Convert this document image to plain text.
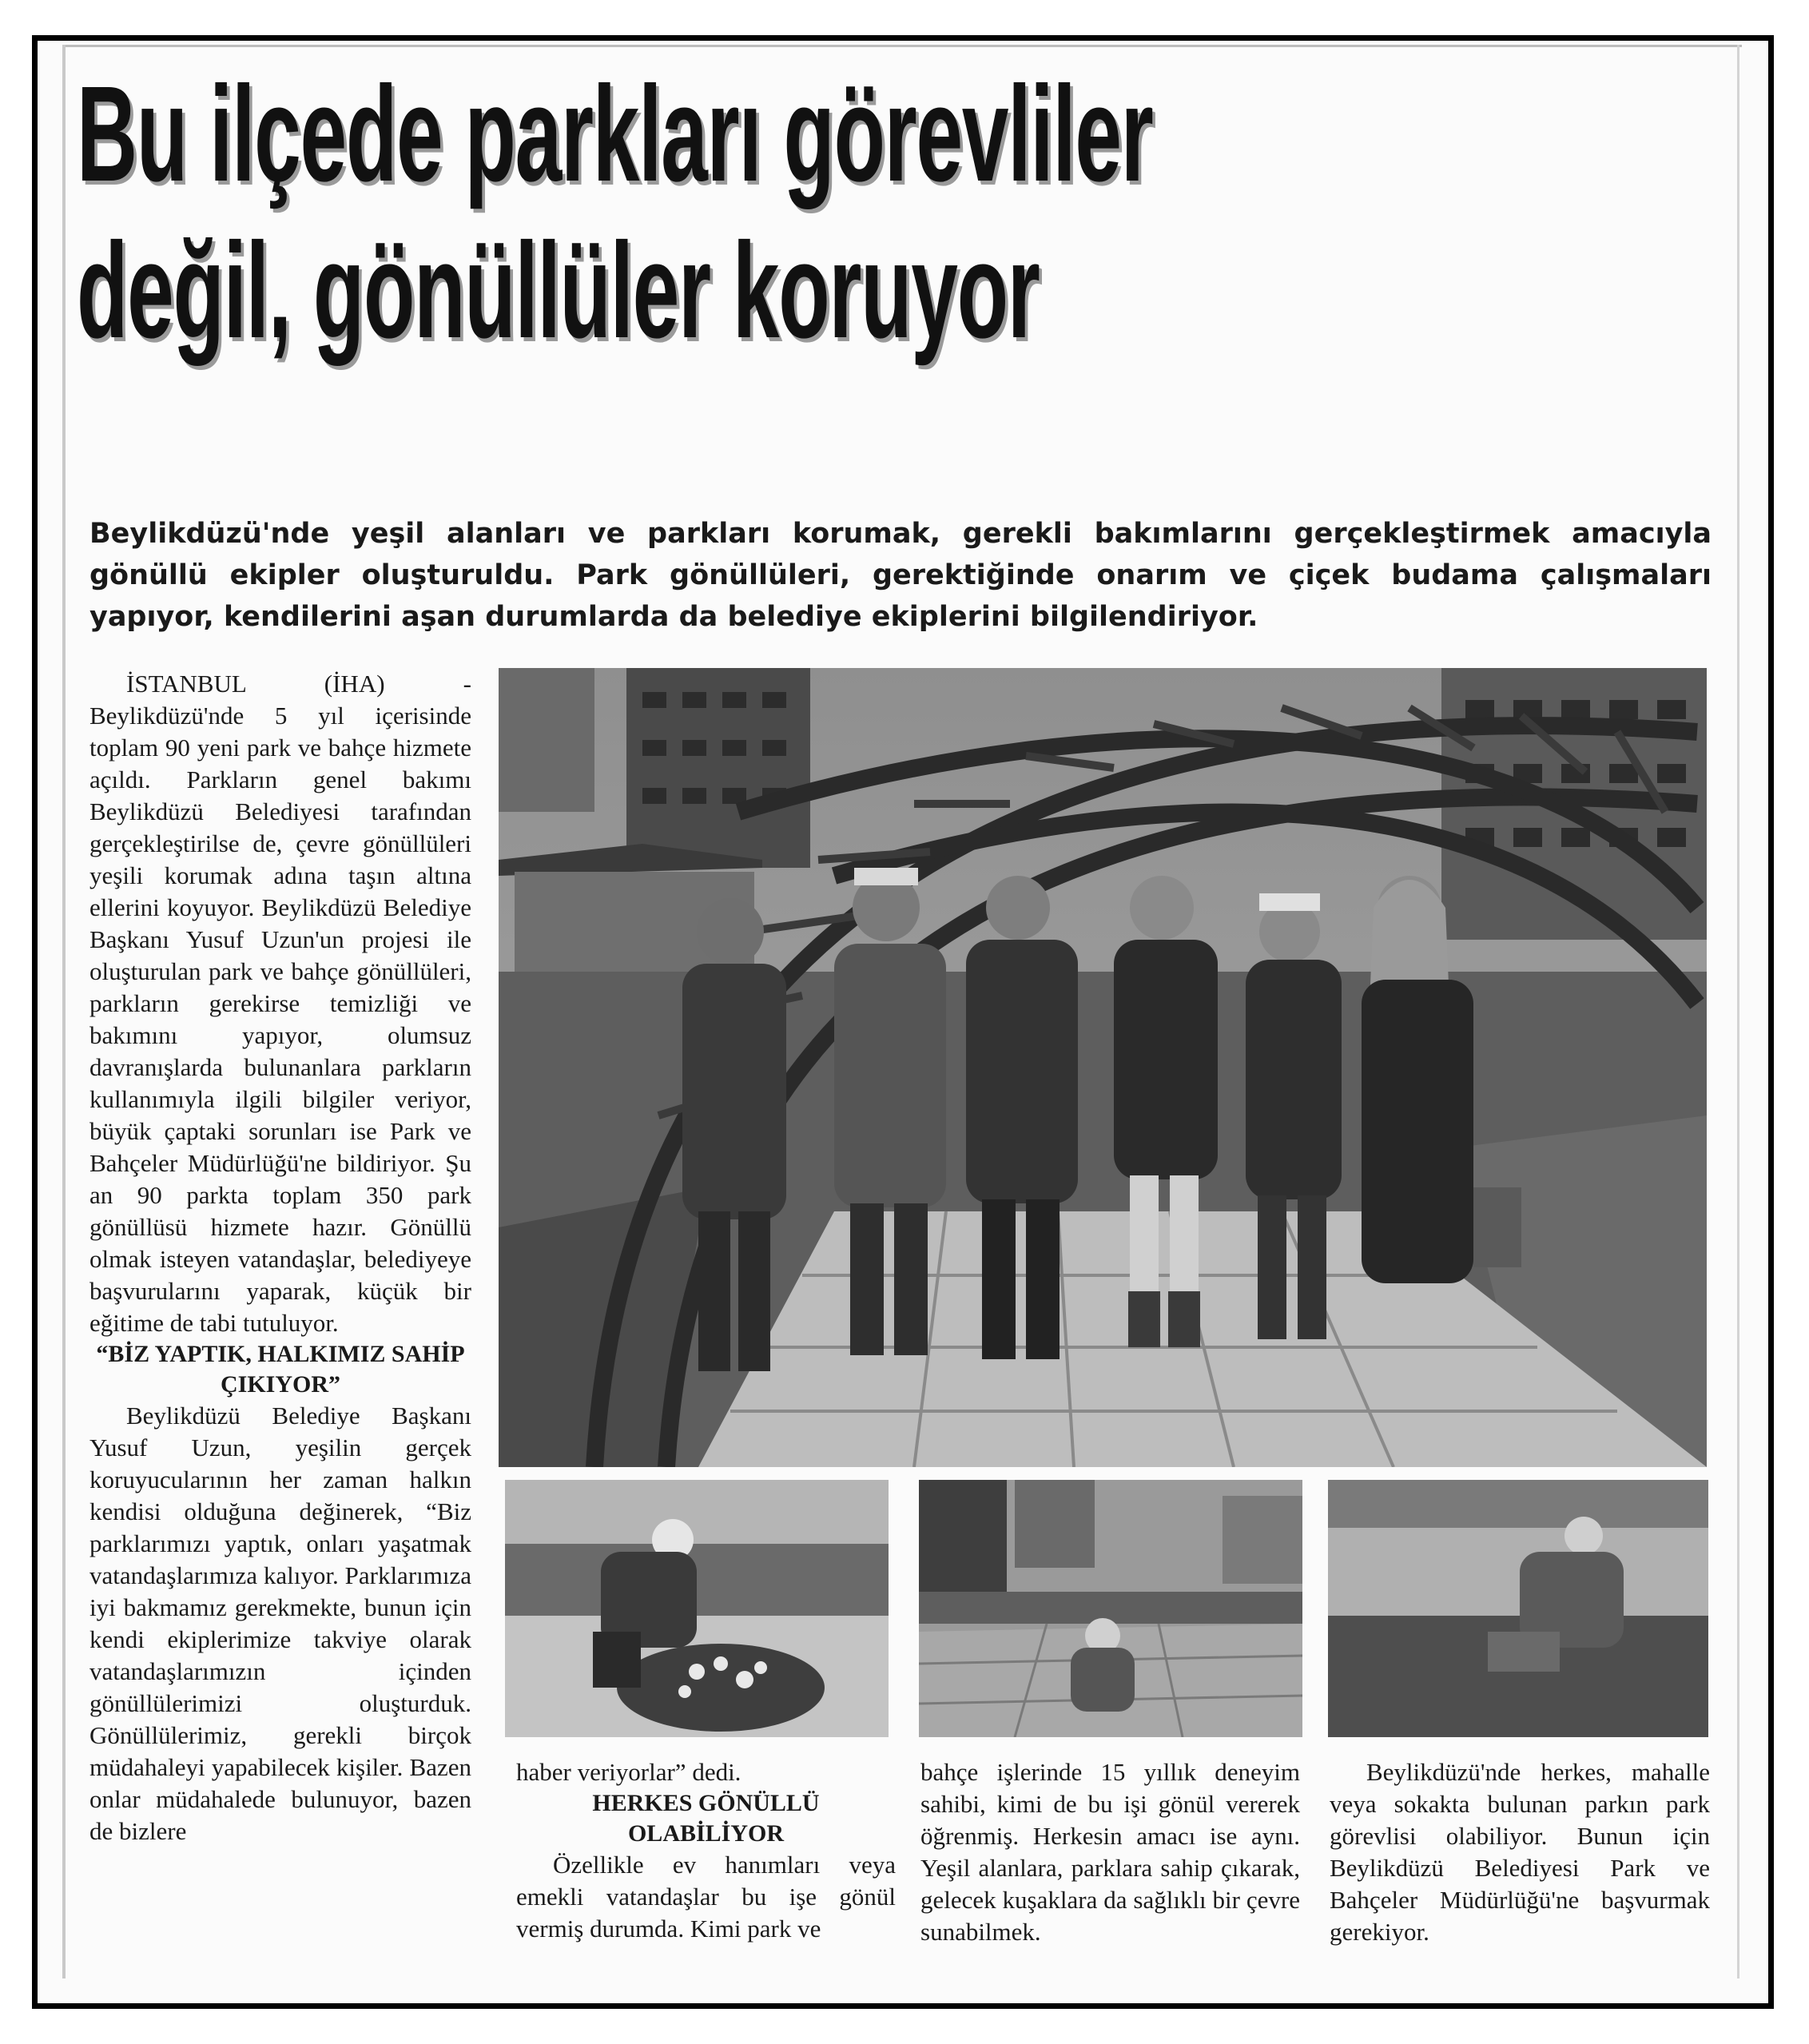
Bu ilçede parkları görevliler
değil, gönüllüler koruyor

Beylikdüzü'nde yeşil alanları ve parkları korumak, gerekli bakımlarını gerçekleştirmek amacıyla gönüllü ekipler oluşturuldu. Park gönüllüleri, gerektiğinde onarım ve çiçek budama çalışmaları yapıyor, kendilerini aşan durumlarda da belediye ekiplerini bilgilendiriyor.

İSTANBUL (İHA) - Beylikdüzü'nde 5 yıl içerisinde toplam 90 yeni park ve bahçe hizmete açıldı. Parkların genel bakımı Beylikdüzü Belediyesi tarafından gerçekleştirilse de, çevre gönüllüleri yeşili korumak adına taşın altına ellerini koyuyor. Beylikdüzü Belediye Başkanı Yusuf Uzun'un projesi ile oluşturulan park ve bahçe gönüllüleri, parkların gerekirse temizliği ve bakımını yapıyor, olumsuz davranışlarda bulunanlara parkların kullanımıyla ilgili bilgiler veriyor, büyük çaptaki sorunları ise Park ve Bahçeler Müdürlüğü'ne bildiriyor. Şu an 90 parkta toplam 350 park gönüllüsü hizmete hazır. Gönüllü olmak isteyen vatandaşlar, belediyeye başvurularını yaparak, küçük bir eğitime de tabi tutuluyor.

“BİZ YAPTIK, HALKIMIZ SAHİP ÇIKIYOR”

Beylikdüzü Belediye Başkanı Yusuf Uzun, yeşilin gerçek koruyucularının her zaman halkın kendisi olduğuna değinerek, “Biz parklarımızı yaptık, onları yaşatmak vatandaşlarımıza kalıyor. Parklarımıza iyi bakmamız gerekmekte, bunun için kendi ekiplerimize takviye olarak vatandaşlarımızın içinden gönüllülerimizi oluşturduk. Gönüllülerimiz, gerekli birçok müdahaleyi yapabilecek kişiler. Bazen onlar müdahalede bulunuyor, bazen de bizlere

haber veriyorlar” dedi.

HERKES GÖNÜLLÜ OLABİLİYOR

Özellikle ev hanımları veya emekli vatandaşlar bu işe gönül vermiş durumda. Kimi park ve

bahçe işlerinde 15 yıllık deneyim sahibi, kimi de bu işi gönül vererek öğrenmiş. Herkesin amacı ise aynı. Yeşil alanlara, parklara sahip çıkarak, gelecek kuşaklara da sağlıklı bir çevre sunabilmek.

Beylikdüzü'nde herkes, mahalle veya sokakta bulunan parkın park görevlisi olabiliyor. Bunun için Beylikdüzü Belediyesi Park ve Bahçeler Müdürlüğü'ne başvurmak gerekiyor.
